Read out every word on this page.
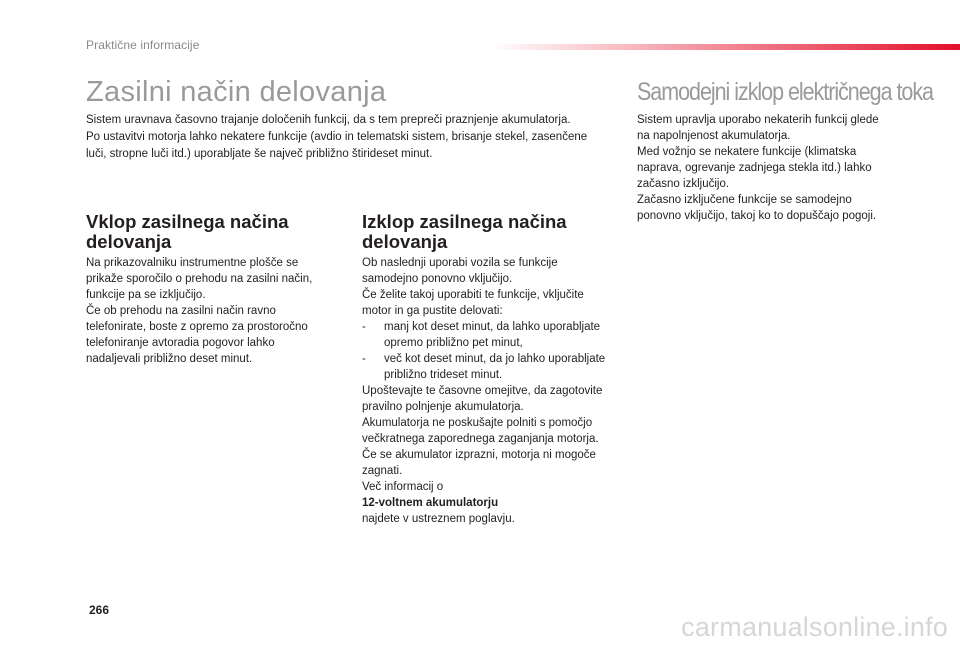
Praktične informacije
Zasilni način delovanja	Samodejni izklop električnega toka

Sistem uravnava časovno trajanje določenih funkcij, da s tem prepreči praznjenje akumulatorja.
Po ustavitvi motorja lahko nekatere funkcije (avdio in telematski sistem, brisanje stekel, zasenčene
luči, stropne luči itd.) uporabljate še največ približno štirideset minut.

Sistem upravlja uporabo nekaterih funkcij glede
na napolnjenost akumulatorja.
Med vožnjo se nekatere funkcije (klimatska
naprava, ogrevanje zadnjega stekla itd.) lahko
začasno izključijo.
Začasno izključene funkcije se samodejno
ponovno vključijo, takoj ko to dopuščajo pogoji.

Vklop zasilnega načina
delovanja
Izklop zasilnega načina
delovanja

Na prikazovalniku instrumentne plošče se
prikaže sporočilo o prehodu na zasilni način,
funkcije pa se izključijo.
Če ob prehodu na zasilni način ravno
telefonirate, boste z opremo za prostoročno
telefoniranje avtoradia pogovor lahko
nadaljevali približno deset minut.

Ob naslednji uporabi vozila se funkcije
samodejno ponovno vključijo.
Če želite takoj uporabiti te funkcije, vključite
motor in ga pustite delovati:
- manj kot deset minut, da lahko uporabljate
opremo približno pet minut,
- več kot deset minut, da jo lahko uporabljate
približno trideset minut.
Upoštevajte te časovne omejitve, da zagotovite
pravilno polnjenje akumulatorja.
Akumulatorja ne poskušajte polniti s pomočjo
večkratnega zaporednega zaganjanja motorja.
Če se akumulator izprazni, motorja ni mogoče
zagnati.
Več informacij o
12-voltnem akumulatorju
najdete v ustreznem poglavju.
266
carmanualsonline.info
